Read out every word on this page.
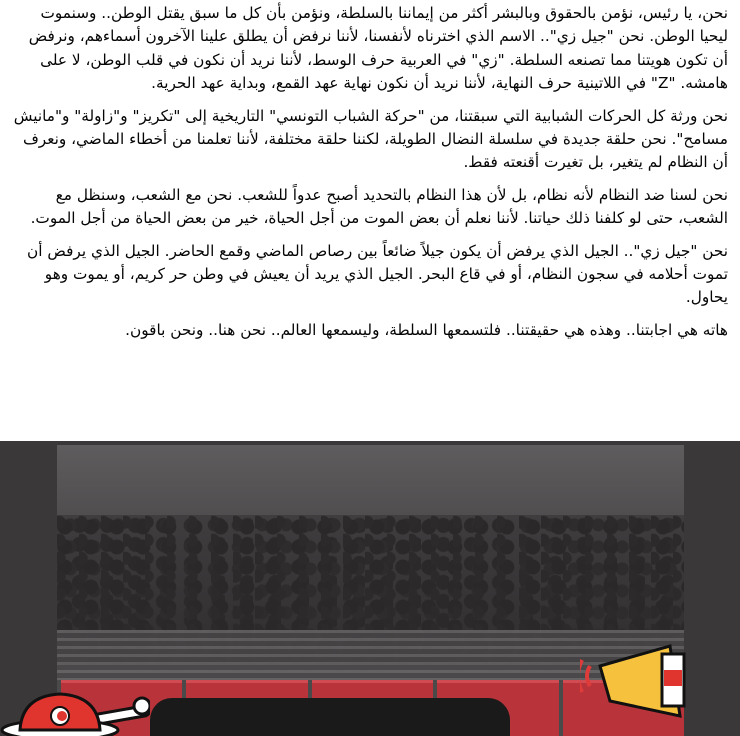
نحن، يا رئيس، نؤمن بالحقوق وبالبشر أكثر من إيماننا بالسلطة، ونؤمن بأن كل ما سبق يقتل الوطن.. وسنموت ليحيا الوطن. نحن "جيل زي".. الاسم الذي اخترناه لأنفسنا، لأننا نرفض أن يطلق علينا الآخرون أسماءهم، ونرفض أن تكون هويتنا مما تصنعه السلطة. "زي" في العربية حرف الوسط، لأننا نريد أن نكون في قلب الوطن، لا على هامشه. "Z" في اللاتينية حرف النهاية، لأننا نريد أن نكون نهاية عهد القمع، وبداية عهد الحرية.

نحن ورثة كل الحركات الشبابية التي سبقتنا، من "حركة الشباب التونسي" التاريخية إلى "تكريز" و"زاولة" و"مانيش مسامح". نحن حلقة جديدة في سلسلة النضال الطويلة، لكننا حلقة مختلفة، لأننا تعلمنا من أخطاء الماضي، ونعرف أن النظام لم يتغير، بل تغيرت أقنعته فقط.

نحن لسنا ضد النظام لأنه نظام، بل لأن هذا النظام بالتحديد أصبح عدواً للشعب. نحن مع الشعب، وسنظل مع الشعب، حتى لو كلفنا ذلك حياتنا. لأننا نعلم أن بعض الموت من أجل الحياة، خير من بعض الحياة من أجل الموت.

نحن "جيل زي".. الجيل الذي يرفض أن يكون جيلاً ضائعاً بين رصاص الماضي وقمع الحاضر. الجيل الذي يرفض أن تموت أحلامه في سجون النظام، أو في قاع البحر. الجيل الذي يريد أن يعيش في وطن حر كريم، أو يموت وهو يحاول.

هاته هي اجابتنا.. وهذه هي حقيقتنا.. فلتسمعها السلطة، وليسمعها العالم.. نحن هنا.. ونحن باقون.
